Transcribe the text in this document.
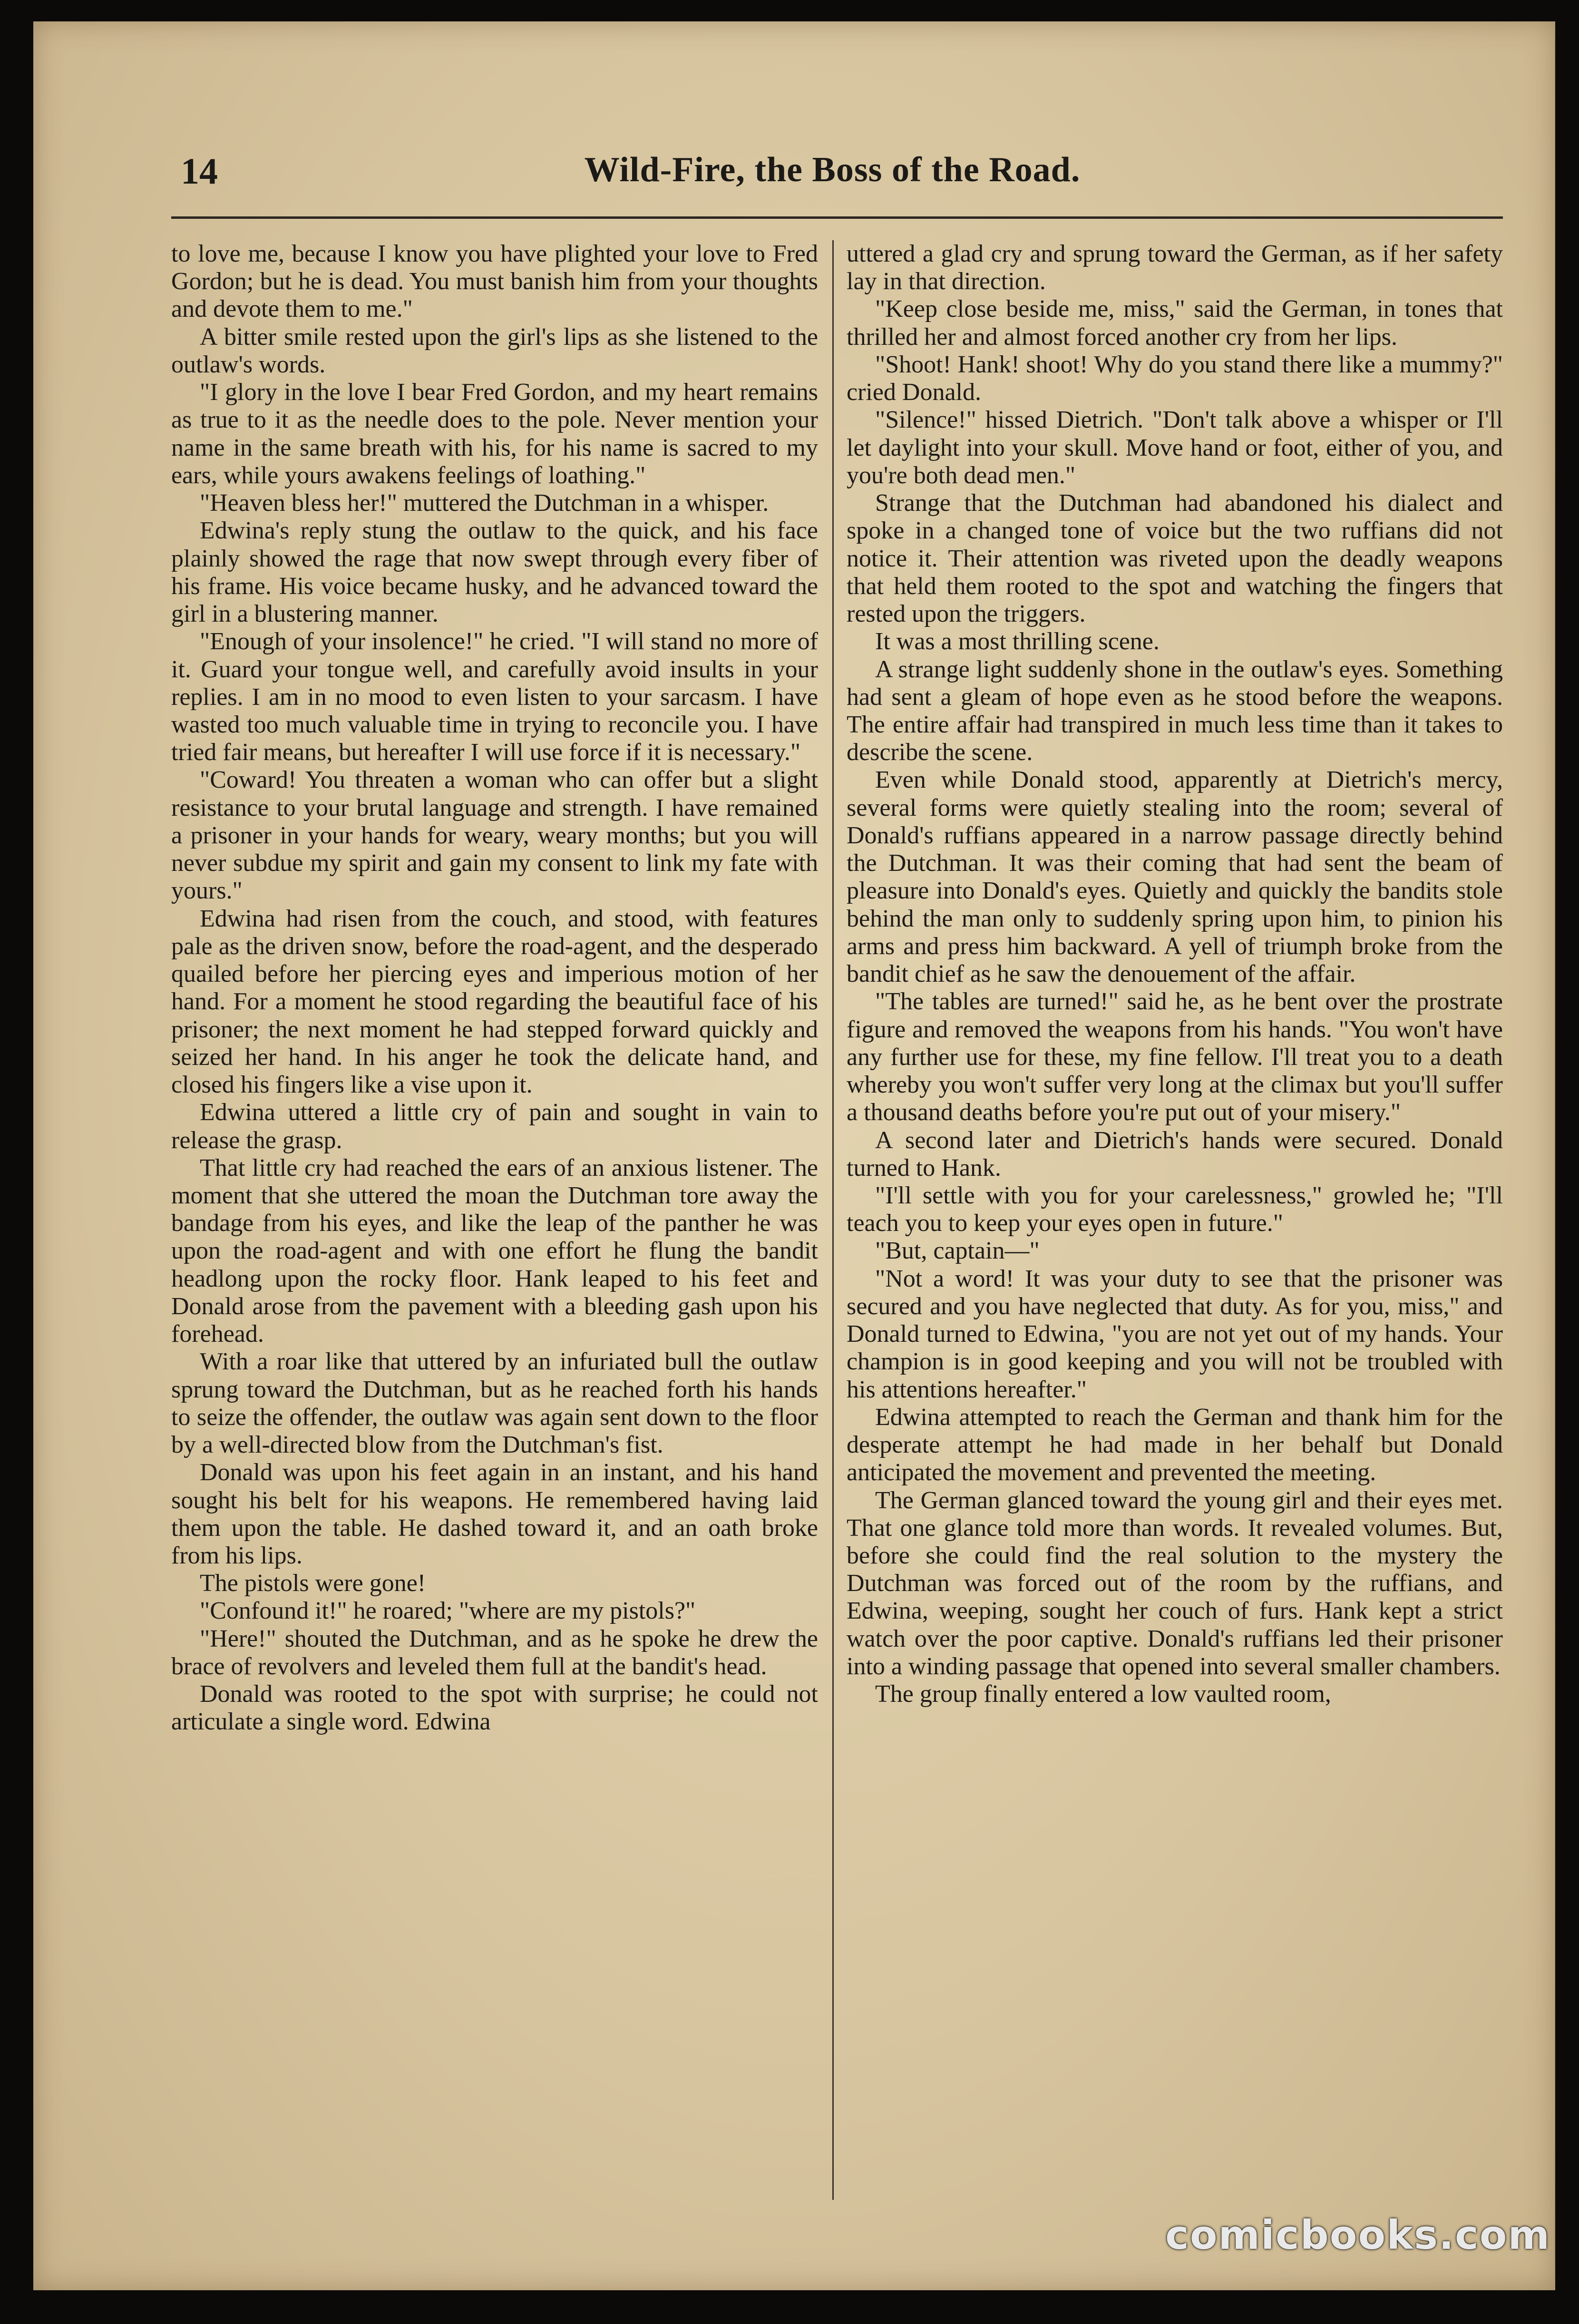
14	Wild-Fire, the Boss of the Road.

to love me, because I know you have plighted your love to Fred Gordon; but he is dead. You must banish him from your thoughts and devote them to me."

A bitter smile rested upon the girl's lips as she listened to the outlaw's words.

"I glory in the love I bear Fred Gordon, and my heart remains as true to it as the needle does to the pole. Never mention your name in the same breath with his, for his name is sacred to my ears, while yours awakens feelings of loathing."

"Heaven bless her!" muttered the Dutchman in a whisper.

Edwina's reply stung the outlaw to the quick, and his face plainly showed the rage that now swept through every fiber of his frame. His voice became husky, and he advanced toward the girl in a blustering manner.

"Enough of your insolence!" he cried. "I will stand no more of it. Guard your tongue well, and carefully avoid insults in your replies. I am in no mood to even listen to your sarcasm. I have wasted too much valuable time in trying to reconcile you. I have tried fair means, but hereafter I will use force if it is necessary."

"Coward! You threaten a woman who can offer but a slight resistance to your brutal language and strength. I have remained a prisoner in your hands for weary, weary months; but you will never subdue my spirit and gain my consent to link my fate with yours."

Edwina had risen from the couch, and stood, with features pale as the driven snow, before the road-agent, and the desperado quailed before her piercing eyes and imperious motion of her hand. For a moment he stood regarding the beautiful face of his prisoner; the next moment he had stepped forward quickly and seized her hand. In his anger he took the delicate hand, and closed his fingers like a vise upon it.

Edwina uttered a little cry of pain and sought in vain to release the grasp.

That little cry had reached the ears of an anxious listener. The moment that she uttered the moan the Dutchman tore away the bandage from his eyes, and like the leap of the panther he was upon the road-agent and with one effort he flung the bandit headlong upon the rocky floor. Hank leaped to his feet and Donald arose from the pavement with a bleeding gash upon his forehead.

With a roar like that uttered by an infuriated bull the outlaw sprung toward the Dutchman, but as he reached forth his hands to seize the offender, the outlaw was again sent down to the floor by a well-directed blow from the Dutchman's fist.

Donald was upon his feet again in an instant, and his hand sought his belt for his weapons. He remembered having laid them upon the table. He dashed toward it, and an oath broke from his lips.

The pistols were gone!

"Confound it!" he roared; "where are my pistols?"

"Here!" shouted the Dutchman, and as he spoke he drew the brace of revolvers and leveled them full at the bandit's head.

Donald was rooted to the spot with surprise; he could not articulate a single word. Edwina

uttered a glad cry and sprung toward the German, as if her safety lay in that direction.

"Keep close beside me, miss," said the German, in tones that thrilled her and almost forced another cry from her lips.

"Shoot! Hank! shoot! Why do you stand there like a mummy?" cried Donald.

"Silence!" hissed Dietrich. "Don't talk above a whisper or I'll let daylight into your skull. Move hand or foot, either of you, and you're both dead men."

Strange that the Dutchman had abandoned his dialect and spoke in a changed tone of voice but the two ruffians did not notice it. Their attention was riveted upon the deadly weapons that held them rooted to the spot and watching the fingers that rested upon the triggers.

It was a most thrilling scene.

A strange light suddenly shone in the outlaw's eyes. Something had sent a gleam of hope even as he stood before the weapons. The entire affair had transpired in much less time than it takes to describe the scene.

Even while Donald stood, apparently at Dietrich's mercy, several forms were quietly stealing into the room; several of Donald's ruffians appeared in a narrow passage directly behind the Dutchman. It was their coming that had sent the beam of pleasure into Donald's eyes. Quietly and quickly the bandits stole behind the man only to suddenly spring upon him, to pinion his arms and press him backward. A yell of triumph broke from the bandit chief as he saw the denouement of the affair.

"The tables are turned!" said he, as he bent over the prostrate figure and removed the weapons from his hands. "You won't have any further use for these, my fine fellow. I'll treat you to a death whereby you won't suffer very long at the climax but you'll suffer a thousand deaths before you're put out of your misery."

A second later and Dietrich's hands were secured. Donald turned to Hank.

"I'll settle with you for your carelessness," growled he; "I'll teach you to keep your eyes open in future."

"But, captain—"

"Not a word! It was your duty to see that the prisoner was secured and you have neglected that duty. As for you, miss," and Donald turned to Edwina, "you are not yet out of my hands. Your champion is in good keeping and you will not be troubled with his attentions hereafter."

Edwina attempted to reach the German and thank him for the desperate attempt he had made in her behalf but Donald anticipated the movement and prevented the meeting.

The German glanced toward the young girl and their eyes met. That one glance told more than words. It revealed volumes. But, before she could find the real solution to the mystery the Dutchman was forced out of the room by the ruffians, and Edwina, weeping, sought her couch of furs. Hank kept a strict watch over the poor captive. Donald's ruffians led their prisoner into a winding passage that opened into several smaller chambers.

The group finally entered a low vaulted room,

comicbooks.com
